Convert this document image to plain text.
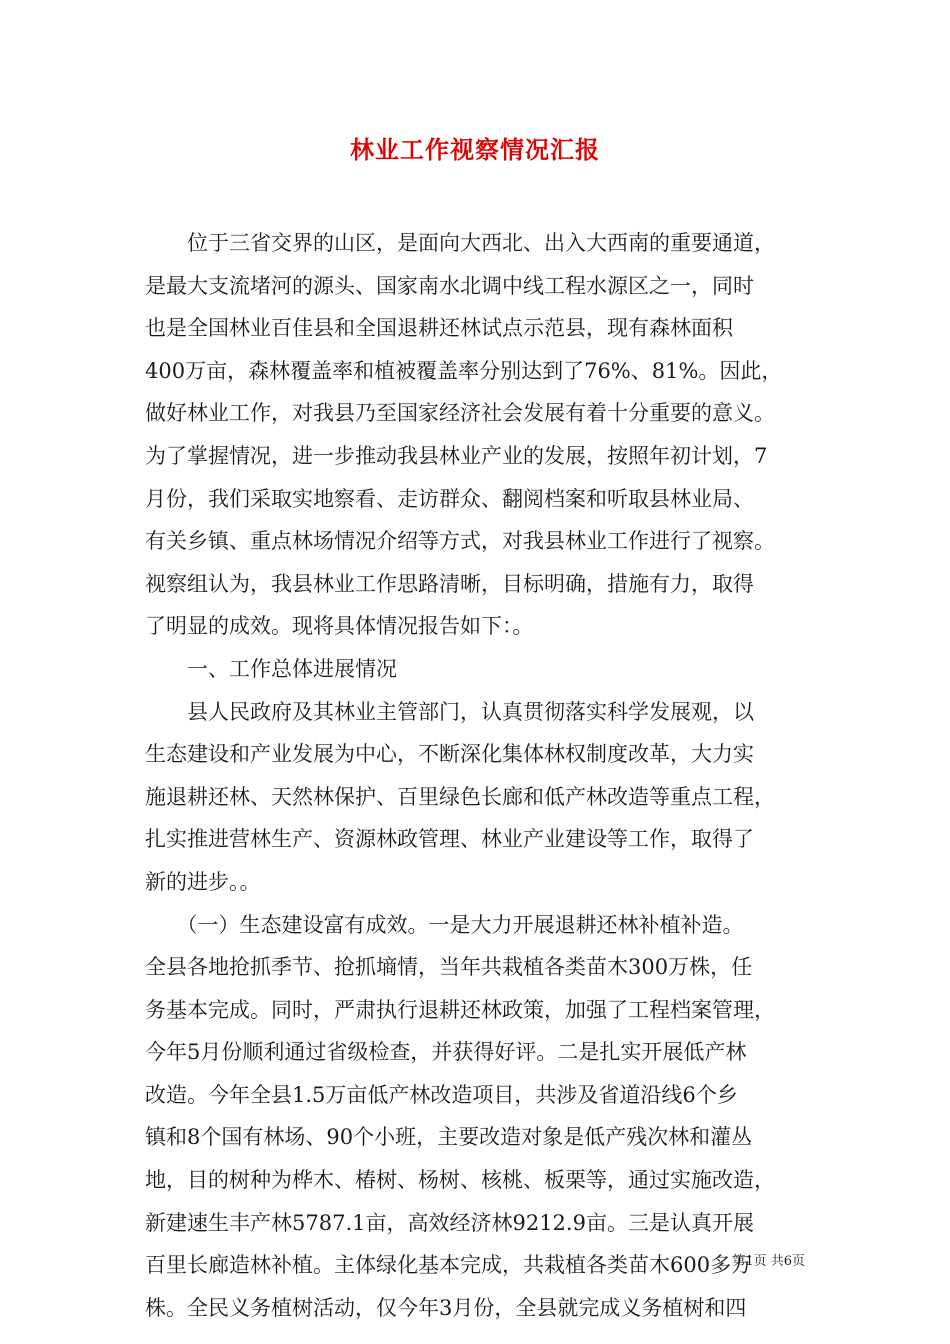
林业工作视察情况汇报
　　位于三省交界的山区，是面向大西北、出入大西南的重要通道，
是最大支流堵河的源头、国家南水北调中线工程水源区之一，同时
也是全国林业百佳县和全国退耕还林试点示范县，现有森林面积
400万亩，森林覆盖率和植被覆盖率分别达到了76%、81%。因此，
做好林业工作，对我县乃至国家经济社会发展有着十分重要的意义。
为了掌握情况，进一步推动我县林业产业的发展，按照年初计划，7
月份，我们采取实地察看、走访群众、翻阅档案和听取县林业局、
有关乡镇、重点林场情况介绍等方式，对我县林业工作进行了视察。
视察组认为，我县林业工作思路清晰，目标明确，措施有力，取得
了明显的成效。现将具体情况报告如下：。
　　一、工作总体进展情况
　　县人民政府及其林业主管部门，认真贯彻落实科学发展观，以
生态建设和产业发展为中心，不断深化集体林权制度改革，大力实
施退耕还林、天然林保护、百里绿色长廊和低产林改造等重点工程，
扎实推进营林生产、资源林政管理、林业产业建设等工作，取得了
新的进步。。
　　（一）生态建设富有成效。一是大力开展退耕还林补植补造。
全县各地抢抓季节、抢抓墒情，当年共栽植各类苗木300万株，任
务基本完成。同时，严肃执行退耕还林政策，加强了工程档案管理，
今年5月份顺利通过省级检查，并获得好评。二是扎实开展低产林
改造。今年全县1.5万亩低产林改造项目，共涉及省道沿线6个乡
镇和8个国有林场、90个小班，主要改造对象是低产残次林和灌丛
地，目的树种为桦木、椿树、杨树、核桃、板栗等，通过实施改造，
新建速生丰产林5787.1亩，高效经济林9212.9亩。三是认真开展
百里长廊造林补植。主体绿化基本完成，共栽植各类苗木600多万
株。全民义务植树活动，仅今年3月份，全县就完成义务植树和四
第1页 共6页
